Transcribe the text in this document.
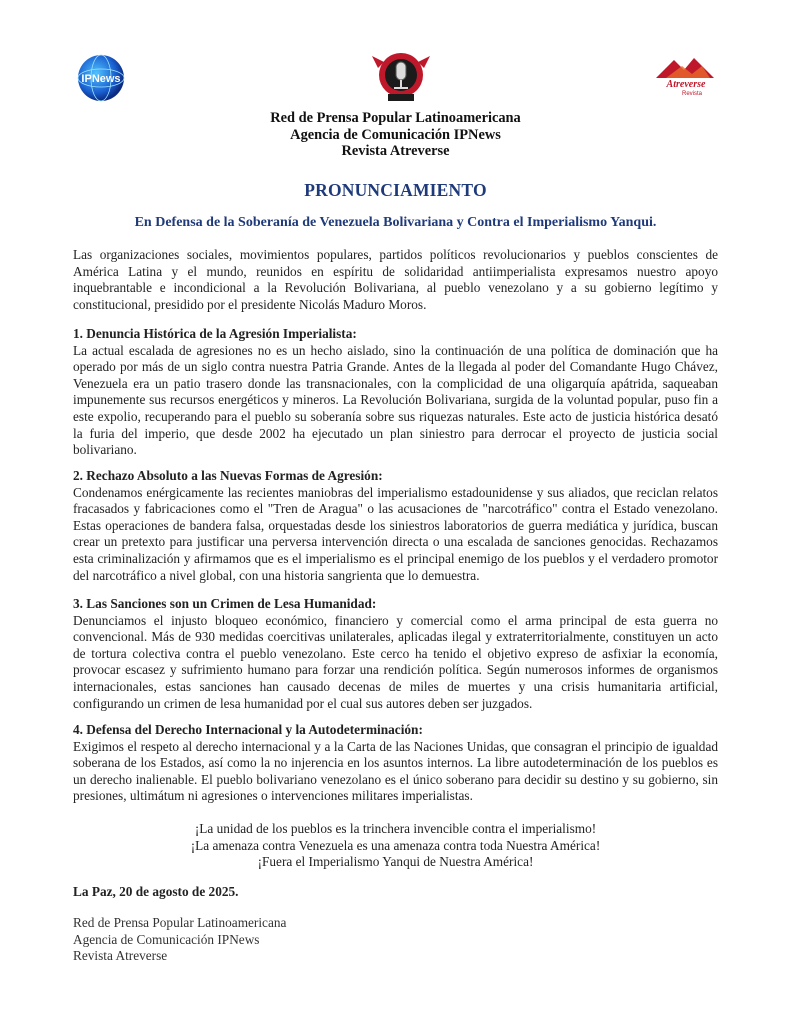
IPNews	Atreverse
Revista
Red de Prensa Popular Latinoamericana
Agencia de Comunicación IPNews
Revista Atreverse
PRONUNCIAMIENTO
En Defensa de la Soberanía de Venezuela Bolivariana y Contra el Imperialismo Yanqui.

Las organizaciones sociales, movimientos populares, partidos políticos revolucionarios y pueblos conscientes de América Latina y el mundo, reunidos en espíritu de solidaridad antiimperialista expresamos nuestro apoyo inquebrantable e incondicional a la Revolución Bolivariana, al pueblo venezolano y a su gobierno legítimo y constitucional, presidido por el presidente Nicolás Maduro Moros.

1. Denuncia Histórica de la Agresión Imperialista:

La actual escalada de agresiones no es un hecho aislado, sino la continuación de una política de dominación que ha operado por más de un siglo contra nuestra Patria Grande. Antes de la llegada al poder del Comandante Hugo Chávez, Venezuela era un patio trasero donde las transnacionales, con la complicidad de una oligarquía apátrida, saqueaban impunemente sus recursos energéticos y mineros. La Revolución Bolivariana, surgida de la voluntad popular, puso fin a este expolio, recuperando para el pueblo su soberanía sobre sus riquezas naturales. Este acto de justicia histórica desató la furia del imperio, que desde 2002 ha ejecutado un plan siniestro para derrocar el proyecto de justicia social bolivariano.

2. Rechazo Absoluto a las Nuevas Formas de Agresión:

Condenamos enérgicamente las recientes maniobras del imperialismo estadounidense y sus aliados, que reciclan relatos fracasados y fabricaciones como el "Tren de Aragua" o las acusaciones de "narcotráfico" contra el Estado venezolano. Estas operaciones de bandera falsa, orquestadas desde los siniestros laboratorios de guerra mediática y jurídica, buscan crear un pretexto para justificar una perversa intervención directa o una escalada de sanciones genocidas. Rechazamos esta criminalización y afirmamos que es el imperialismo es el principal enemigo de los pueblos y el verdadero promotor del narcotráfico a nivel global, con una historia sangrienta que lo demuestra.

3. Las Sanciones son un Crimen de Lesa Humanidad:

Denunciamos el injusto bloqueo económico, financiero y comercial como el arma principal de esta guerra no convencional. Más de 930 medidas coercitivas unilaterales, aplicadas ilegal y extraterritorialmente, constituyen un acto de tortura colectiva contra el pueblo venezolano. Este cerco ha tenido el objetivo expreso de asfixiar la economía, provocar escasez y sufrimiento humano para forzar una rendición política. Según numerosos informes de organismos internacionales, estas sanciones han causado decenas de miles de muertes y una crisis humanitaria artificial, configurando un crimen de lesa humanidad por el cual sus autores deben ser juzgados.

4. Defensa del Derecho Internacional y la Autodeterminación:

Exigimos el respeto al derecho internacional y a la Carta de las Naciones Unidas, que consagran el principio de igualdad soberana de los Estados, así como la no injerencia en los asuntos internos. La libre autodeterminación de los pueblos es un derecho inalienable. El pueblo bolivariano venezolano es el único soberano para decidir su destino y su gobierno, sin presiones, ultimátum ni agresiones o intervenciones militares imperialistas.

¡La unidad de los pueblos es la trinchera invencible contra el imperialismo!
¡La amenaza contra Venezuela es una amenaza contra toda Nuestra América!
¡Fuera el Imperialismo Yanqui de Nuestra América!
La Paz, 20 de agosto de 2025.
Red de Prensa Popular Latinoamericana
Agencia de Comunicación IPNews
Revista Atreverse
